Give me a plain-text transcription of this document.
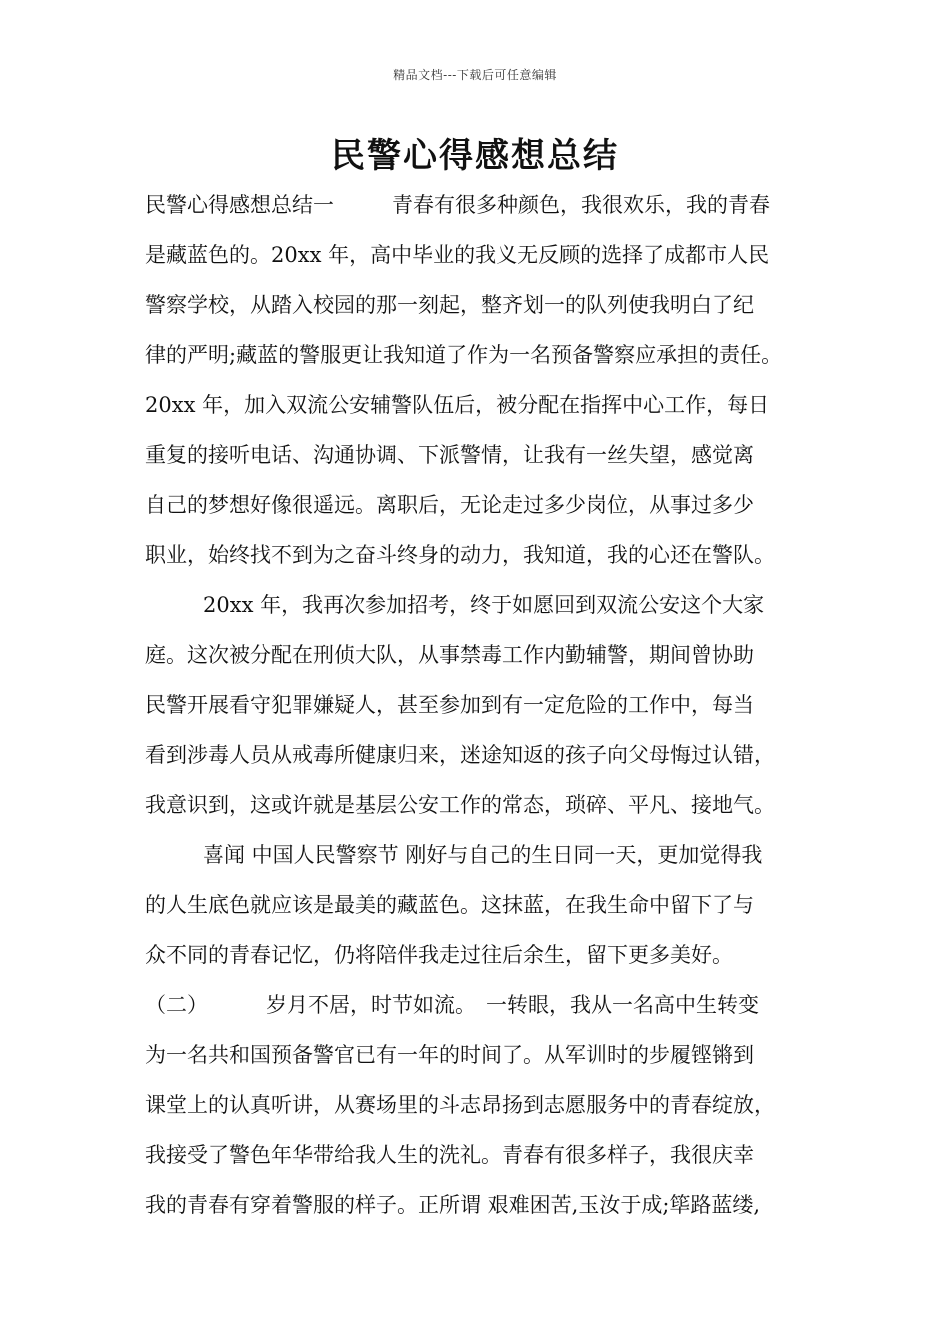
精品文档---下载后可任意编辑
民警心得感想总结
民警心得感想总结一	青春有很多种颜色，我很欢乐，我的青春
是藏蓝色的。20xx 年，高中毕业的我义无反顾的选择了成都市人民
警察学校，从踏入校园的那一刻起，整齐划一的队列使我明白了纪
律的严明;藏蓝的警服更让我知道了作为一名预备警察应承担的责任。
20xx 年，加入双流公安辅警队伍后，被分配在指挥中心工作，每日
重复的接听电话、沟通协调、下派警情，让我有一丝失望，感觉离
自己的梦想好像很遥远。离职后，无论走过多少岗位，从事过多少
职业，始终找不到为之奋斗终身的动力，我知道，我的心还在警队。
20xx 年，我再次参加招考，终于如愿回到双流公安这个大家
庭。这次被分配在刑侦大队，从事禁毒工作内勤辅警，期间曾协助
民警开展看守犯罪嫌疑人，甚至参加到有一定危险的工作中，每当
看到涉毒人员从戒毒所健康归来，迷途知返的孩子向父母悔过认错，
我意识到，这或许就是基层公安工作的常态，琐碎、平凡、接地气。
喜闻 中国人民警察节 刚好与自己的生日同一天，更加觉得我
的人生底色就应该是最美的藏蓝色。这抹蓝，在我生命中留下了与
众不同的青春记忆，仍将陪伴我走过往后余生，留下更多美好。
（二）	岁月不居，时节如流。 一转眼，我从一名高中生转变
为一名共和国预备警官已有一年的时间了。从军训时的步履铿锵到
课堂上的认真听讲，从赛场里的斗志昂扬到志愿服务中的青春绽放，
我接受了警色年华带给我人生的洗礼。青春有很多样子，我很庆幸
我的青春有穿着警服的样子。正所谓 艰难困苦,玉汝于成;筚路蓝缕,
